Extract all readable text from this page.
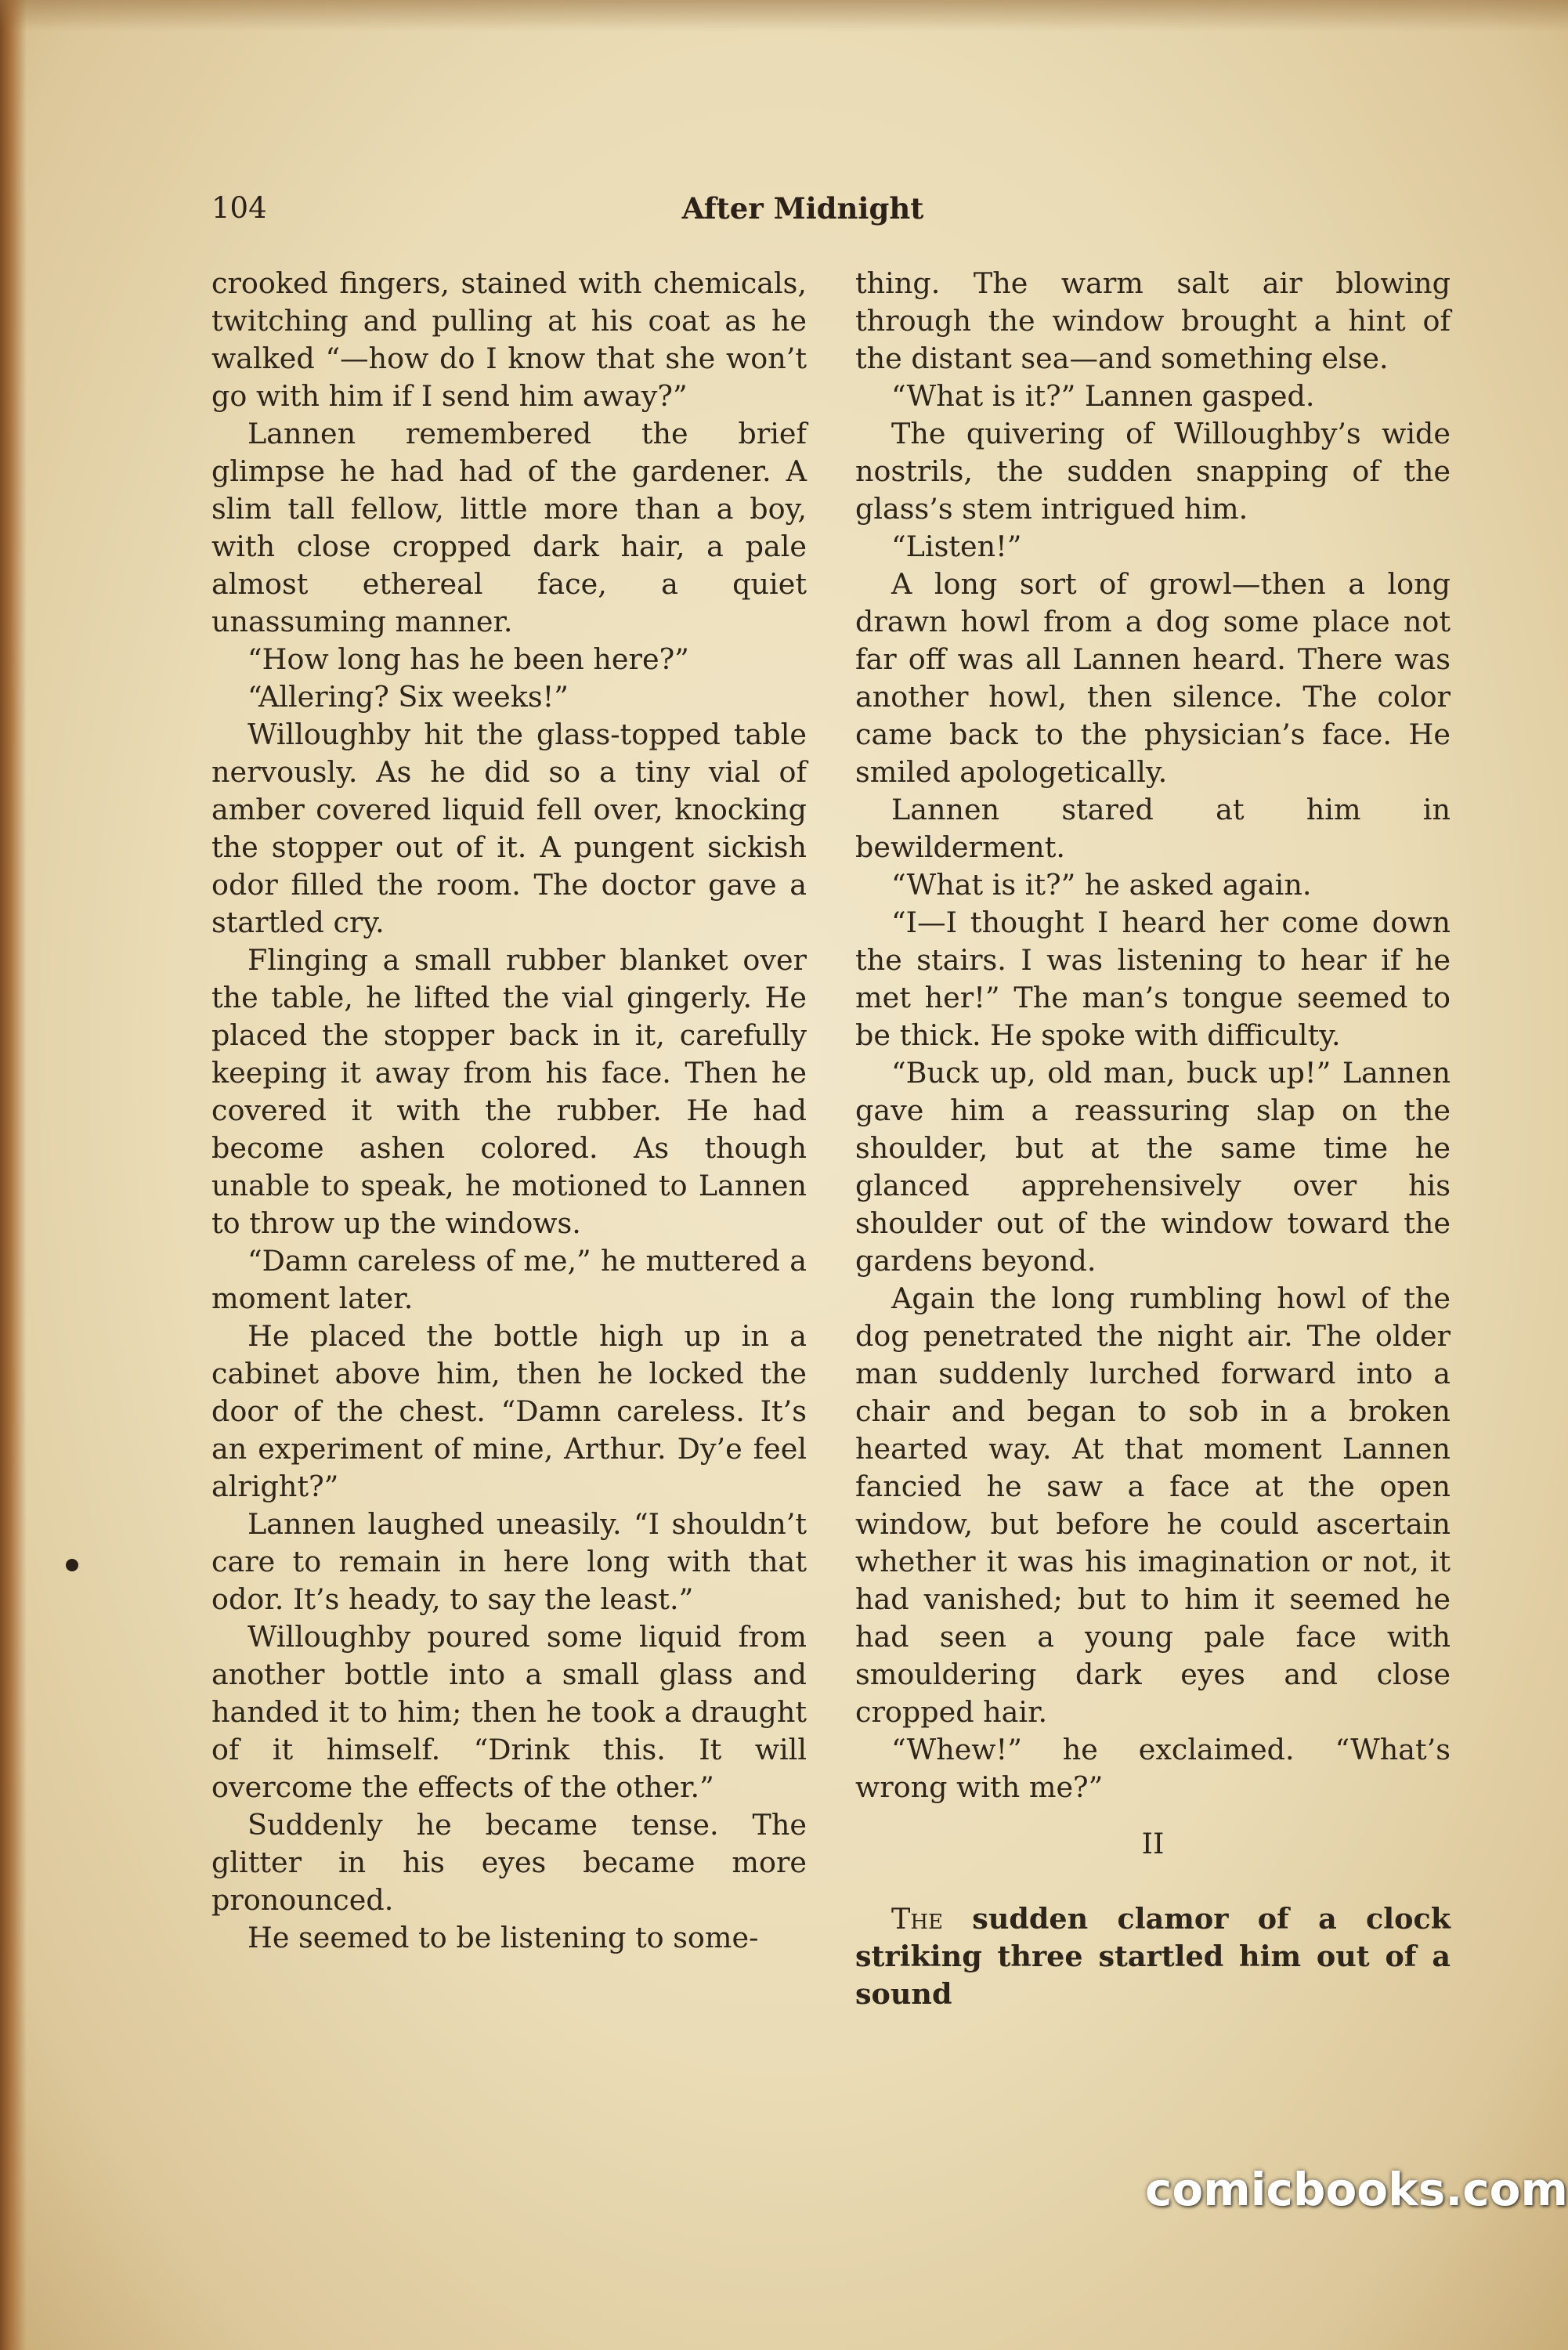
104	After Midnight

crooked fingers, stained with chemicals, twitching and pulling at his coat as he walked “—how do I know that she won’t go with him if I send him away?”

Lannen remembered the brief glimpse he had had of the gardener. A slim tall fellow, little more than a boy, with close cropped dark hair, a pale almost ethereal face, a quiet unassuming manner.

“How long has he been here?”

“Allering? Six weeks!”

Willoughby hit the glass-topped table nervously. As he did so a tiny vial of amber covered liquid fell over, knocking the stopper out of it. A pungent sickish odor filled the room. The doctor gave a startled cry.

Flinging a small rubber blanket over the table, he lifted the vial gingerly. He placed the stopper back in it, carefully keeping it away from his face. Then he covered it with the rubber. He had become ashen colored. As though unable to speak, he motioned to Lannen to throw up the windows.

“Damn careless of me,” he muttered a moment later.

He placed the bottle high up in a cabinet above him, then he locked the door of the chest. “Damn careless. It’s an experiment of mine, Arthur. Dy’e feel alright?”

Lannen laughed uneasily. “I shouldn’t care to remain in here long with that odor. It’s heady, to say the least.”

Willoughby poured some liquid from another bottle into a small glass and handed it to him; then he took a draught of it himself. “Drink this. It will overcome the effects of the other.”

Suddenly he became tense. The glitter in his eyes became more pronounced.

He seemed to be listening to some-

thing. The warm salt air blowing through the window brought a hint of the distant sea—and something else.

“What is it?” Lannen gasped.

The quivering of Willoughby’s wide nostrils, the sudden snapping of the glass’s stem intrigued him.

“Listen!”

A long sort of growl—then a long drawn howl from a dog some place not far off was all Lannen heard. There was another howl, then silence. The color came back to the physician’s face. He smiled apologetically.

Lannen stared at him in bewilderment.

“What is it?” he asked again.

“I—I thought I heard her come down the stairs. I was listening to hear if he met her!” The man’s tongue seemed to be thick. He spoke with difficulty.

“Buck up, old man, buck up!” Lannen gave him a reassuring slap on the shoulder, but at the same time he glanced apprehensively over his shoulder out of the window toward the gardens beyond.

Again the long rumbling howl of the dog penetrated the night air. The older man suddenly lurched forward into a chair and began to sob in a broken hearted way. At that moment Lannen fancied he saw a face at the open window, but before he could ascertain whether it was his imagination or not, it had vanished; but to him it seemed he had seen a young pale face with smouldering dark eyes and close cropped hair.

“Whew!” he exclaimed. “What’s wrong with me?”

II

The sudden clamor of a clock striking three startled him out of a sound

comicbooks.com
